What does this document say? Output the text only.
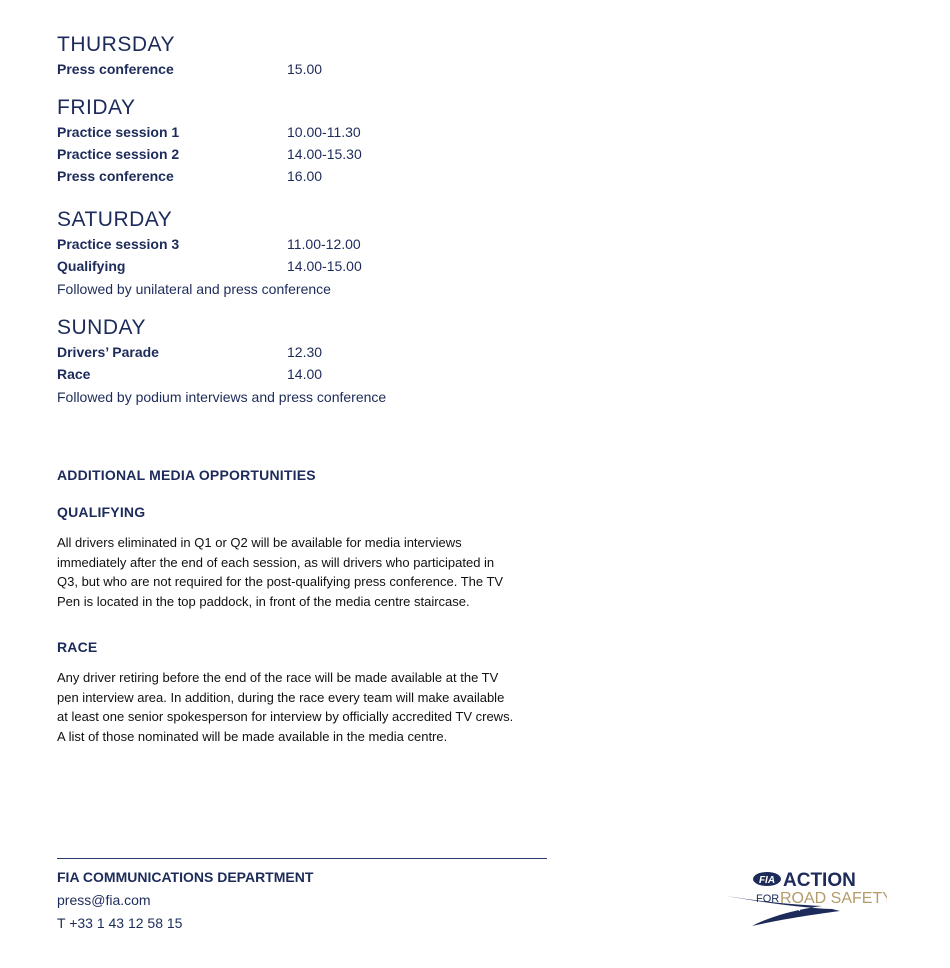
THURSDAY
Press conference	15.00
FRIDAY
Practice session 1	10.00-11.30
Practice session 2	14.00-15.30
Press conference	16.00
SATURDAY
Practice session 3	11.00-12.00
Qualifying	14.00-15.00
Followed by unilateral and press conference
SUNDAY
Drivers’ Parade	12.30
Race	14.00
Followed by podium interviews and press conference
ADDITIONAL MEDIA OPPORTUNITIES
QUALIFYING
All drivers eliminated in Q1 or Q2 will be available for media interviews
immediately after the end of each session, as will drivers who participated in
Q3, but who are not required for the post-qualifying press conference. The TV
Pen is located in the top paddock, in front of the media centre staircase.
RACE
Any driver retiring before the end of the race will be made available at the TV
pen interview area. In addition, during the race every team will make available
at least one senior spokesperson for interview by officially accredited TV crews.
A list of those nominated will be made available in the media centre.
FIA COMMUNICATIONS DEPARTMENT
press@fia.com
T +33 1 43 12 58 15
FIA ACTION
FOR ROAD SAFETY
